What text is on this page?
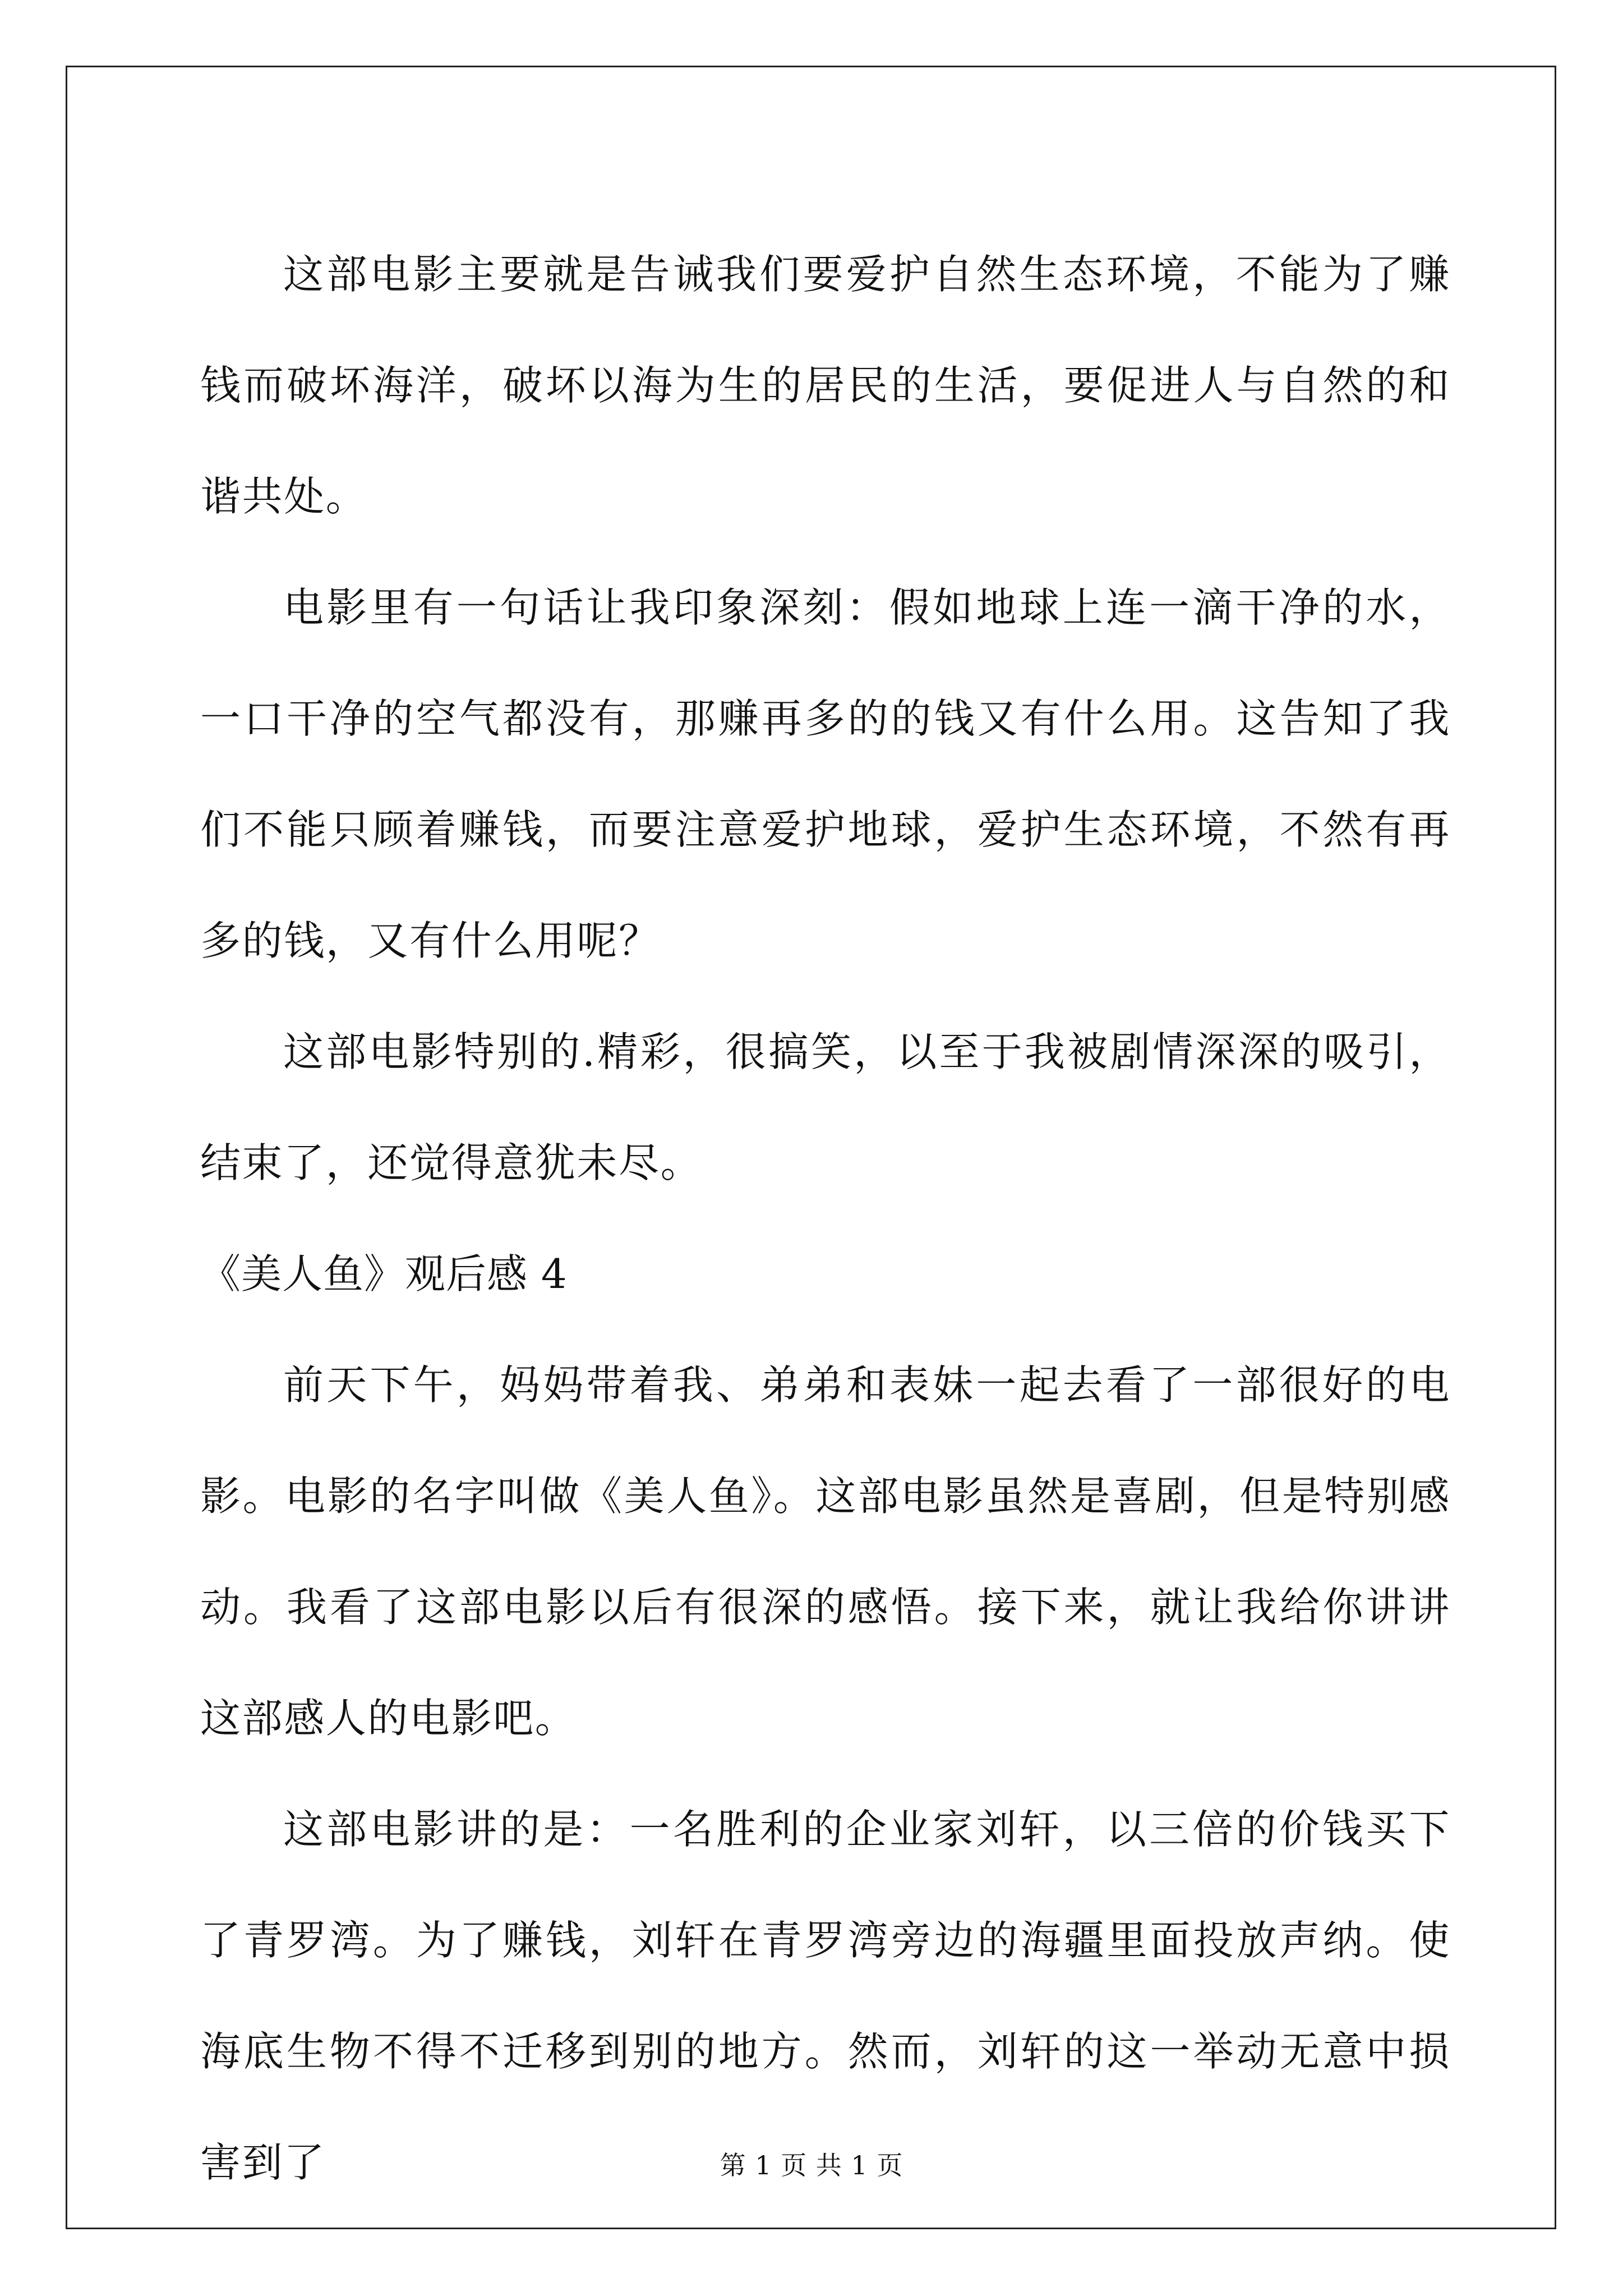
这部电影主要就是告诫我们要爱护自然生态环境，不能为了赚钱而破坏海洋，破坏以海为生的居民的生活，要促进人与自然的和谐共处。

电影里有一句话让我印象深刻：假如地球上连一滴干净的水，一口干净的空气都没有，那赚再多的的钱又有什么用。这告知了我们不能只顾着赚钱，而要注意爱护地球，爱护生态环境，不然有再多的钱，又有什么用呢？

这部电影特别的.精彩，很搞笑，以至于我被剧情深深的吸引，结束了，还觉得意犹未尽。

《美人鱼》观后感 4

前天下午，妈妈带着我、弟弟和表妹一起去看了一部很好的电影。电影的名字叫做《美人鱼》。这部电影虽然是喜剧，但是特别感动。我看了这部电影以后有很深的感悟。接下来，就让我给你讲讲这部感人的电影吧。

这部电影讲的是：一名胜利的企业家刘轩，以三倍的价钱买下了青罗湾。为了赚钱，刘轩在青罗湾旁边的海疆里面投放声纳。使海底生物不得不迁移到别的地方。然而，刘轩的这一举动无意中损害到了	第 1 页 共 1 页
